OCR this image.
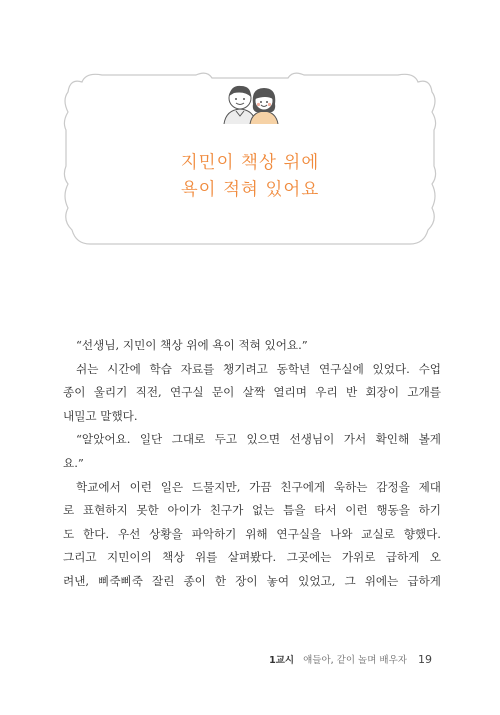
지민이 책상 위에
욕이 적혀 있어요
“선생님, 지민이 책상 위에 욕이 적혀 있어요.”
쉬는 시간에 학습 자료를 챙기려고 동학년 연구실에 있었다. 수업
종이 울리기 직전, 연구실 문이 살짝 열리며 우리 반 회장이 고개를
내밀고 말했다.
“알았어요. 일단 그대로 두고 있으면 선생님이 가서 확인해 볼게
요.”
학교에서 이런 일은 드물지만, 가끔 친구에게 욱하는 감정을 제대
로 표현하지 못한 아이가 친구가 없는 틈을 타서 이런 행동을 하기
도 한다. 우선 상황을 파악하기 위해 연구실을 나와 교실로 향했다.
그리고 지민이의 책상 위를 살펴봤다. 그곳에는 가위로 급하게 오
려낸, 삐죽삐죽 잘린 종이 한 장이 놓여 있었고, 그 위에는 급하게
1교시 얘들아, 같이 놀며 배우자 19
